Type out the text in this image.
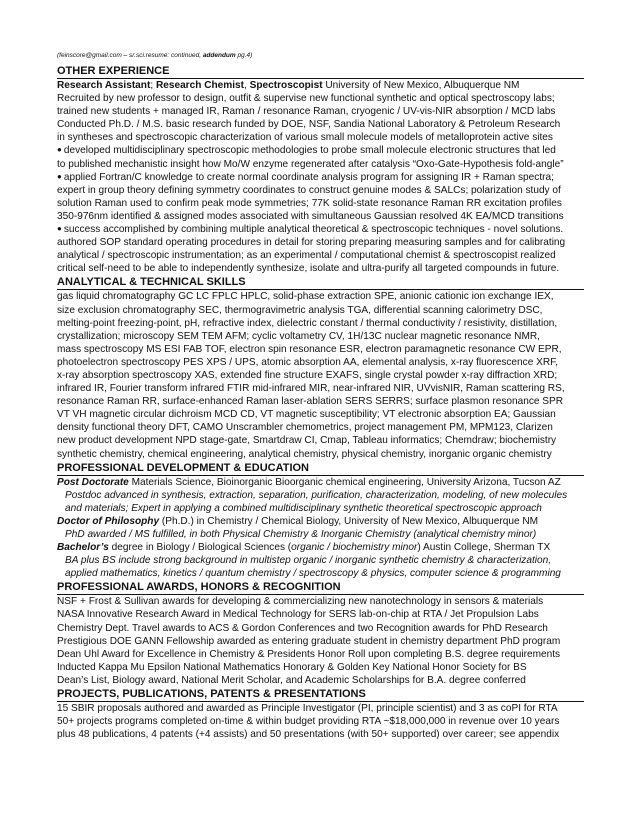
(feinscore@gmail.com – sr.sci.resume: continued, addendum pg.4)
OTHER EXPERIENCE

Research Assistant; Research Chemist, Spectroscopist University of New Mexico, Albuquerque NM

Recruited by new professor to design, outfit & supervise new functional synthetic and optical spectroscopy labs;

trained new students + managed IR, Raman / resonance Raman, cryogenic / UV-vis-NIR absorption / MCD labs

Conducted Ph.D. / M.S. basic research funded by DOE, NSF, Sandia National Laboratory & Petroleum Research

in syntheses and spectroscopic characterization of various small molecule models of metalloprotein active sites

● developed multidisciplinary spectroscopic methodologies to probe small molecule electronic structures that led

to published mechanistic insight how Mo/W enzyme regenerated after catalysis “Oxo-Gate-Hypothesis fold-angle”

● applied Fortran/C knowledge to create normal coordinate analysis program for assigning IR + Raman spectra;

expert in group theory defining symmetry coordinates to construct genuine modes & SALCs; polarization study of

solution Raman used to confirm peak mode symmetries; 77K solid-state resonance Raman RR excitation profiles

350-976nm identified & assigned modes associated with simultaneous Gaussian resolved 4K EA/MCD transitions

● success accomplished by combining multiple analytical theoretical & spectroscopic techniques - novel solutions.

authored SOP standard operating procedures in detail for storing preparing measuring samples and for calibrating

analytical / spectroscopic instrumentation; as an experimental / computational chemist & spectroscopist realized

critical self-need to be able to independently synthesize, isolate and ultra-purify all targeted compounds in future.

ANALYTICAL & TECHNICAL SKILLS

gas liquid chromatography GC LC FPLC HPLC, solid-phase extraction SPE, anionic cationic ion exchange IEX,

size exclusion chromatography SEC, thermogravimetric analysis TGA, differential scanning calorimetry DSC,

melting-point freezing-point, pH, refractive index, dielectric constant / thermal conductivity / resistivity, distillation,

crystallization; microscopy SEM TEM AFM; cyclic voltametry CV, 1H/13C nuclear magnetic resonance NMR,

mass spectroscopy MS ESI FAB TOF, electron spin resonance ESR, electron paramagnetic resonance CW EPR,

photoelectron spectroscopy PES XPS / UPS, atomic absorption AA, elemental analysis, x-ray fluorescence XRF,

x-ray absorption spectroscopy XAS, extended fine structure EXAFS, single crystal powder x-ray diffraction XRD;

infrared IR, Fourier transform infrared FTIR mid-infrared MIR, near-infrared NIR, UVvisNIR, Raman scattering RS,

resonance Raman RR, surface-enhanced Raman laser-ablation SERS SERRS; surface plasmon resonance SPR

VT VH magnetic circular dichroism MCD CD, VT magnetic susceptibility; VT electronic absorption EA; Gaussian

density functional theory DFT, CAMO Unscrambler chemometrics, project management PM, MPM123, Clarizen

new product development NPD stage-gate, Smartdraw CI, Cmap, Tableau informatics; Chemdraw; biochemistry

synthetic chemistry, chemical engineering, analytical chemistry, physical chemistry, inorganic organic chemistry

PROFESSIONAL DEVELOPMENT & EDUCATION

Post Doctorate Materials Science, Bioinorganic Bioorganic chemical engineering, University Arizona, Tucson AZ

Postdoc advanced in synthesis, extraction, separation, purification, characterization, modeling, of new molecules

and materials; Expert in applying a combined multidisciplinary synthetic theoretical spectroscopic approach

Doctor of Philosophy (Ph.D.) in Chemistry / Chemical Biology, University of New Mexico, Albuquerque NM

PhD awarded / MS fulfilled, in both Physical Chemistry & Inorganic Chemistry (analytical chemistry minor)

Bachelor’s degree in Biology / Biological Sciences (organic / biochemistry minor) Austin College, Sherman TX

BA plus BS include strong background in multistep organic / inorganic synthetic chemistry & characterization,

applied mathematics, kinetics / quantum chemistry / spectroscopy & physics, computer science & programming

PROFESSIONAL AWARDS, HONORS & RECOGNITION

NSF + Frost & Sullivan awards for developing & commercializing new nanotechnology in sensors & materials

NASA Innovative Research Award in Medical Technology for SERS lab-on-chip at RTA / Jet Propulsion Labs

Chemistry Dept. Travel awards to ACS & Gordon Conferences and two Recognition awards for PhD Research

Prestigious DOE GANN Fellowship awarded as entering graduate student in chemistry department PhD program

Dean Uhl Award for Excellence in Chemistry & Presidents Honor Roll upon completing B.S. degree requirements

Inducted Kappa Mu Epsilon National Mathematics Honorary & Golden Key National Honor Society for BS

Dean’s List, Biology award, National Merit Scholar, and Academic Scholarships for B.A. degree conferred

PROJECTS, PUBLICATIONS, PATENTS & PRESENTATIONS

15 SBIR proposals authored and awarded as Principle Investigator (PI, principle scientist) and 3 as coPI for RTA

50+ projects programs completed on-time & within budget providing RTA ~$18,000,000 in revenue over 10 years

plus 48 publications, 4 patents (+4 assists) and 50 presentations (with 50+ supported) over career; see appendix
